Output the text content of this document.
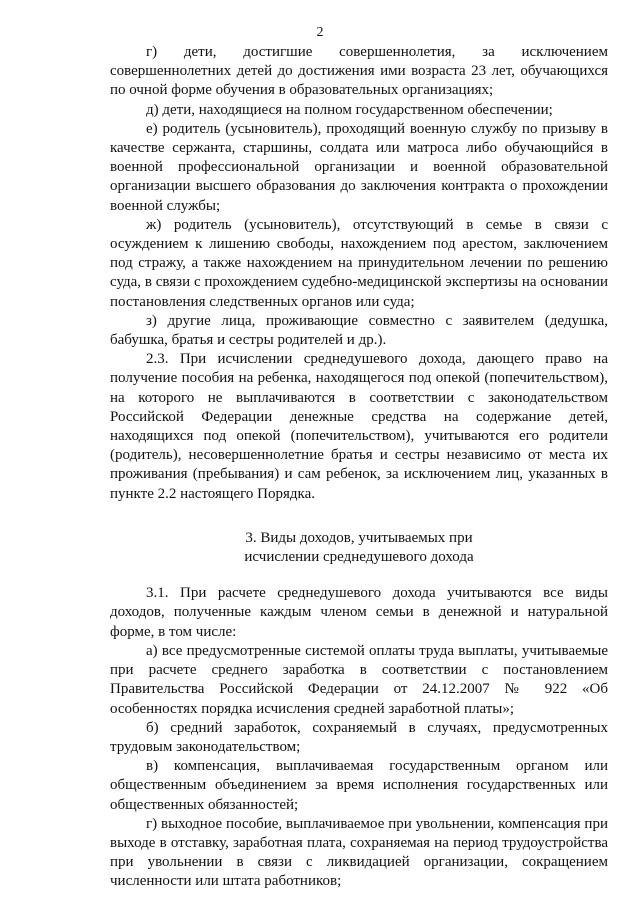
2

г) дети, достигшие совершеннолетия, за исключением совершеннолетних детей до достижения ими возраста 23 лет, обучающихся по очной форме обучения в образовательных организациях;

д) дети, находящиеся на полном государственном обеспечении;

е) родитель (усыновитель), проходящий военную службу по призыву в качестве сержанта, старшины, солдата или матроса либо обучающийся в военной профессиональной организации и военной образовательной организации высшего образования до заключения контракта о прохождении военной службы;

ж) родитель (усыновитель), отсутствующий в семье в связи с осуждением к лишению свободы, нахождением под арестом, заключением под стражу, а также нахождением на принудительном лечении по решению суда, в связи с прохождением судебно-медицинской экспертизы на основании постановления следственных органов или суда;

з) другие лица, проживающие совместно с заявителем (дедушка, бабушка, братья и сестры родителей и др.).

2.3. При исчислении среднедушевого дохода, дающего право на получение пособия на ребенка, находящегося под опекой (попечительством), на которого не выплачиваются в соответствии с законодательством Российской Федерации денежные средства на содержание детей, находящихся под опекой (попечительством), учитываются его родители (родитель), несовершеннолетние братья и сестры независимо от места их проживания (пребывания) и сам ребенок, за исключением лиц, указанных в пункте 2.2 настоящего Порядка.

3. Виды доходов, учитываемых при

исчислении среднедушевого дохода

3.1. При расчете среднедушевого дохода учитываются все виды доходов, полученные каждым членом семьи в денежной и натуральной форме, в том числе:

а) все предусмотренные системой оплаты труда выплаты, учитываемые при расчете среднего заработка в соответствии с постановлением Правительства Российской Федерации от 24.12.2007 № 922 «Об особенностях порядка исчисления средней заработной платы»;

б) средний заработок, сохраняемый в случаях, предусмотренных трудовым законодательством;

в) компенсация, выплачиваемая государственным органом или общественным объединением за время исполнения государственных или общественных обязанностей;

г) выходное пособие, выплачиваемое при увольнении, компенсация при выходе в отставку, заработная плата, сохраняемая на период трудоустройства при увольнении в связи с ликвидацией организации, сокращением численности или штата работников;
